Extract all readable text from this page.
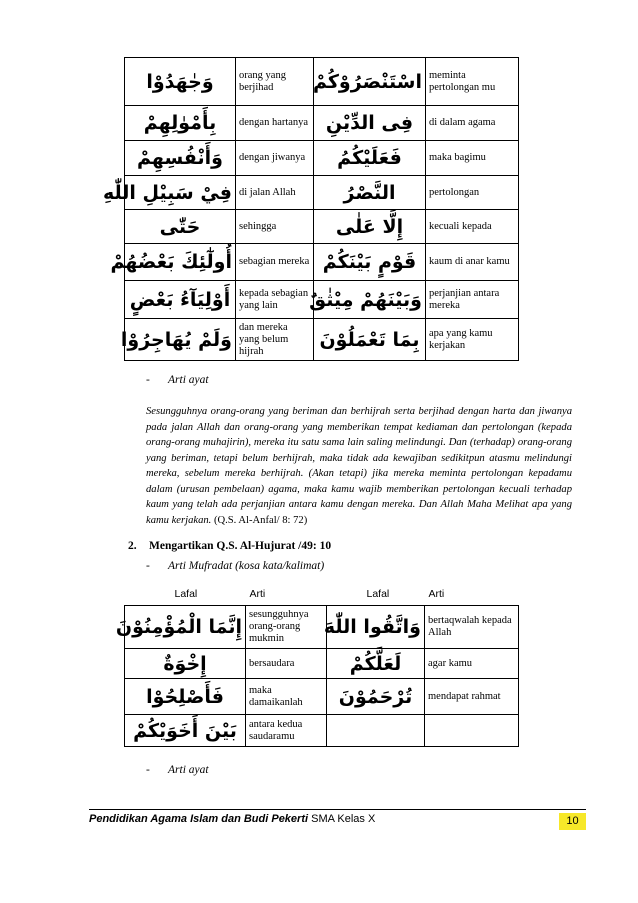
وَجٰهَدُوْا	orang yang berjihad	اسْتَنْصَرُوْكُمْ	meminta pertolongan mu
بِأَمْوٰلِهِمْ	dengan hartanya	فِى الدِّيْنِ	di dalam agama
وَأَنْفُسِهِمْ	dengan jiwanya	فَعَلَيْكُمُ	maka bagimu
فِيْ سَبِيْلِ اللّٰهِ	di jalan Allah	النَّصْرُ	pertolongan
حَتّٰى	sehingga	إِلَّا عَلٰى	kecuali kepada
أُولٰٓئِكَ بَعْضُهُمْ	sebagian mereka	قَوْمٍ بَيْنَكُمْ	kaum di anar kamu
أَوْلِيَآءُ بَعْضٍ	kepada sebagian yang lain	وَبَيْنَهُمْ مِيْثٰقٌ	perjanjian antara mereka
وَلَمْ يُهَاجِرُوْا	dan mereka yang belum hijrah	بِمَا تَعْمَلُوْنَ	apa yang kamu kerjakan
- Arti ayat
Sesungguhnya orang-orang yang beriman dan berhijrah serta berjihad dengan harta dan jiwanya pada jalan Allah dan orang-orang yang memberikan tempat kediaman dan pertolongan (kepada orang-orang muhajirin), mereka itu satu sama lain saling melindungi. Dan (terhadap) orang-orang yang beriman, tetapi belum berhijrah, maka tidak ada kewajiban sedikitpun atasmu melindungi mereka, sebelum mereka berhijrah. (Akan tetapi) jika mereka meminta pertolongan kepadamu dalam (urusan pembelaan) agama, maka kamu wajib memberikan pertolongan kecuali terhadap kaum yang telah ada perjanjian antara kamu dengan mereka. Dan Allah Maha Melihat apa yang kamu kerjakan. (Q.S. Al-Anfal/ 8: 72)
2. Mengartikan Q.S. Al-Hujurat /49: 10
- Arti Mufradat (kosa kata/kalimat)
Lafal	Arti	Lafal	Arti
إِنَّمَا الْمُؤْمِنُوْنَ	sesungguhnya orang-orang mukmin	وَاتَّقُوا اللّٰهَ	bertaqwalah kepada Allah
إِخْوَةٌ	bersaudara	لَعَلَّكُمْ	agar kamu
فَأَصْلِحُوْا	maka damaikanlah	تُرْحَمُوْنَ	mendapat rahmat
بَيْنَ أَخَوَيْكُمْ	antara kedua saudaramu		
- Arti ayat
Pendidikan Agama Islam dan Budi Pekerti SMA Kelas X	10
